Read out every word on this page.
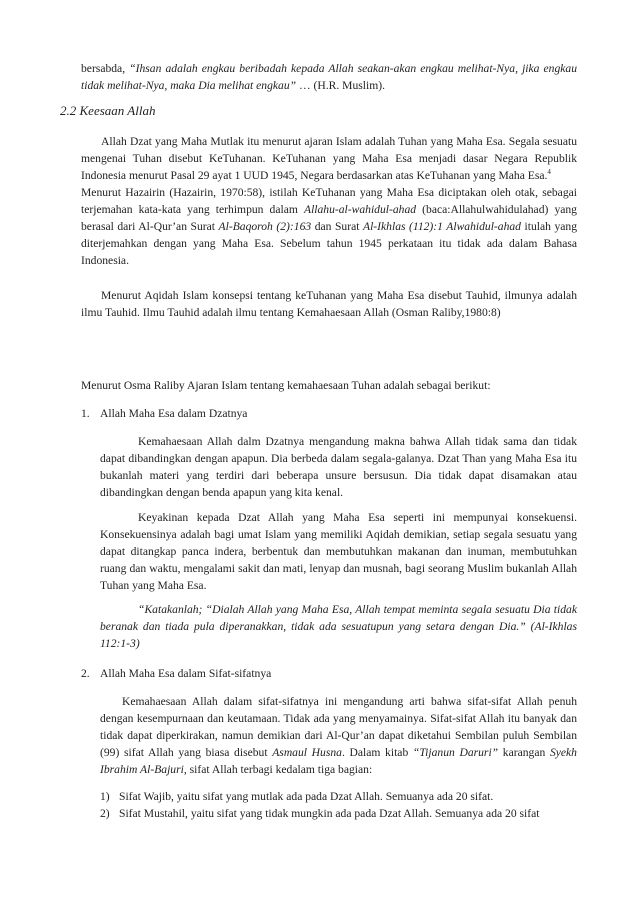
bersabda, “Ihsan adalah engkau beribadah kepada Allah seakan-akan engkau melihat-Nya, jika engkau tidak melihat-Nya, maka Dia melihat engkau” … (H.R. Muslim).

2.2 Keesaan Allah

Allah Dzat yang Maha Mutlak itu menurut ajaran Islam adalah Tuhan yang Maha Esa. Segala sesuatu mengenai Tuhan disebut KeTuhanan. KeTuhanan yang Maha Esa menjadi dasar Negara Republik Indonesia menurut Pasal 29 ayat 1 UUD 1945, Negara berdasarkan atas KeTuhanan yang Maha Esa.$^4$

Menurut Hazairin (Hazairin, 1970:58), istilah KeTuhanan yang Maha Esa diciptakan oleh otak, sebagai terjemahan kata-kata yang terhimpun dalam Allahu-al-wahidul-ahad (baca:Allahulwahidulahad) yang berasal dari Al-Qur’an Surat Al-Baqoroh (2):163 dan Surat Al-Ikhlas (112):1 Alwahidul-ahad itulah yang diterjemahkan dengan yang Maha Esa. Sebelum tahun 1945 perkataan itu tidak ada dalam Bahasa Indonesia.

Menurut Aqidah Islam konsepsi tentang keTuhanan yang Maha Esa disebut Tauhid, ilmunya adalah ilmu Tauhid. Ilmu Tauhid adalah ilmu tentang Kemahaesaan Allah (Osman Raliby,1980:8)

Menurut Osma Raliby Ajaran Islam tentang kemahaesaan Tuhan adalah sebagai berikut:

1. Allah Maha Esa dalam Dzatnya

Kemahaesaan Allah dalm Dzatnya mengandung makna bahwa Allah tidak sama dan tidak dapat dibandingkan dengan apapun. Dia berbeda dalam segala-galanya. Dzat Than yang Maha Esa itu bukanlah materi yang terdiri dari beberapa unsure bersusun. Dia tidak dapat disamakan atau dibandingkan dengan benda apapun yang kita kenal.

Keyakinan kepada Dzat Allah yang Maha Esa seperti ini mempunyai konsekuensi. Konsekuensinya adalah bagi umat Islam yang memiliki Aqidah demikian, setiap segala sesuatu yang dapat ditangkap panca indera, berbentuk dan membutuhkan makanan dan inuman, membutuhkan ruang dan waktu, mengalami sakit dan mati, lenyap dan musnah, bagi seorang Muslim bukanlah Allah Tuhan yang Maha Esa.

“Katakanlah; “Dialah Allah yang Maha Esa, Allah tempat meminta segala sesuatu Dia tidak beranak dan tiada pula diperanakkan, tidak ada sesuatupun yang setara dengan Dia.” (Al-Ikhlas 112:1-3)

2. Allah Maha Esa dalam Sifat-sifatnya

Kemahaesaan Allah dalam sifat-sifatnya ini mengandung arti bahwa sifat-sifat Allah penuh dengan kesempurnaan dan keutamaan. Tidak ada yang menyamainya. Sifat-sifat Allah itu banyak dan tidak dapat diperkirakan, namun demikian dari Al-Qur’an dapat diketahui Sembilan puluh Sembilan (99) sifat Allah yang biasa disebut Asmaul Husna. Dalam kitab “Tijanun Daruri” karangan Syekh Ibrahim Al-Bajuri, sifat Allah terbagi kedalam tiga bagian:

1) Sifat Wajib, yaitu sifat yang mutlak ada pada Dzat Allah. Semuanya ada 20 sifat.
2) Sifat Mustahil, yaitu sifat yang tidak mungkin ada pada Dzat Allah. Semuanya ada 20 sifat
